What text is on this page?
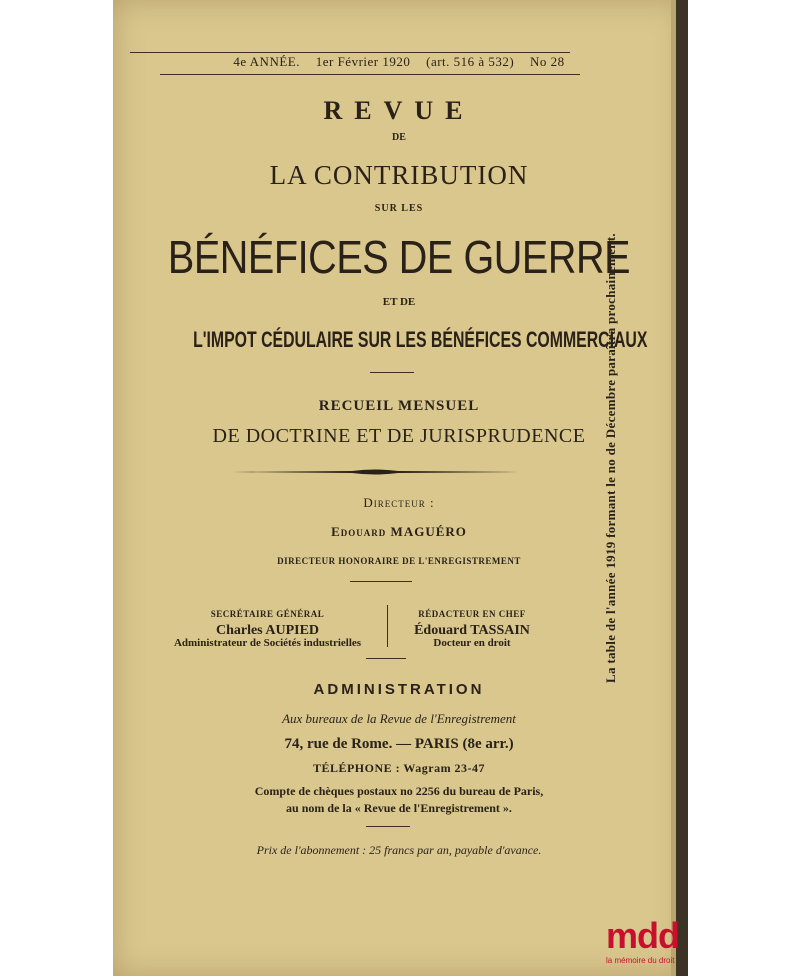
4e ANNÉE. 1er Février 1920 (art. 516 à 532) No 28
REVUE
DE
LA CONTRIBUTION
SUR LES
BÉNÉFICES DE GUERRE
ET DE
L'IMPOT CÉDULAIRE SUR LES BÉNÉFICES COMMERCIAUX
RECUEIL MENSUEL
DE DOCTRINE ET DE JURISPRUDENCE
Directeur :
Edouard MAGUÉRO
DIRECTEUR HONORAIRE DE L'ENREGISTREMENT
SECRÉTAIRE GÉNÉRAL
Charles AUPIED
Administrateur de Sociétés industrielles
RÉDACTEUR EN CHEF
Édouard TASSAIN
Docteur en droit
ADMINISTRATION
Aux bureaux de la Revue de l'Enregistrement
74, rue de Rome. — PARIS (8e arr.)
TÉLÉPHONE : Wagram 23-47
Compte de chèques postaux no 2256 du bureau de Paris,
au nom de la « Revue de l'Enregistrement ».
Prix de l'abonnement : 25 francs par an, payable d'avance.
La table de l'année 1919 formant le no de Décembre paraîtra prochainement.
mdd
la mémoire du droit
